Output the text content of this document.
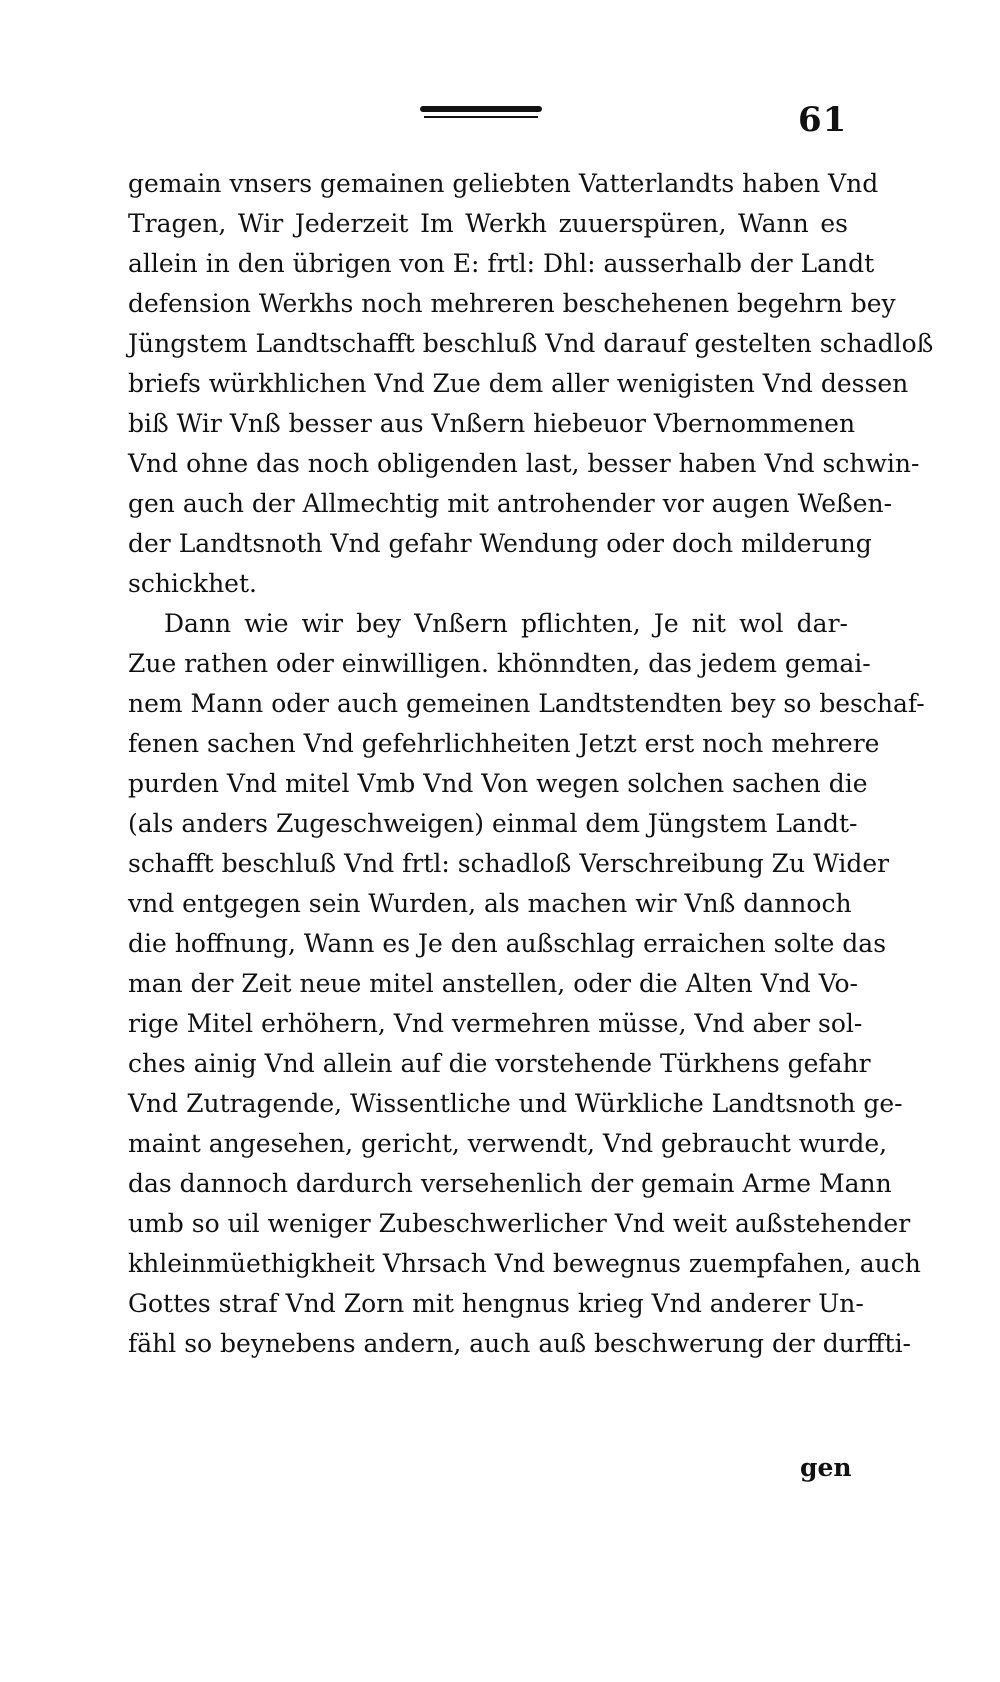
61
gemain vnsers gemainen geliebten Vatterlandts haben Vnd
Tragen, Wir Jederzeit Im Werkh zuuerspüren, Wann es
allein in den übrigen von E: frtl: Dhl: ausserhalb der Landt
defension Werkhs noch mehreren beschehenen begehrn bey
Jüngstem Landtschafft beschluß Vnd darauf gestelten schadloß
briefs würkhlichen Vnd Zue dem aller wenigisten Vnd dessen
biß Wir Vnß besser aus Vnßern hiebeuor Vbernommenen
Vnd ohne das noch obligenden last, besser haben Vnd schwin-
gen auch der Allmechtig mit antrohender vor augen Weßen-
der Landtsnoth Vnd gefahr Wendung oder doch milderung
schickhet.
Dann wie wir bey Vnßern pflichten, Je nit wol dar-
Zue rathen oder einwilligen. khönndten, das jedem gemai-
nem Mann oder auch gemeinen Landtstendten bey so beschaf-
fenen sachen Vnd gefehrlichheiten Jetzt erst noch mehrere
purden Vnd mitel Vmb Vnd Von wegen solchen sachen die
(als anders Zugeschweigen) einmal dem Jüngstem Landt-
schafft beschluß Vnd frtl: schadloß Verschreibung Zu Wider
vnd entgegen sein Wurden, als machen wir Vnß dannoch
die hoffnung, Wann es Je den außschlag erraichen solte das
man der Zeit neue mitel anstellen, oder die Alten Vnd Vo-
rige Mitel erhöhern, Vnd vermehren müsse, Vnd aber sol-
ches ainig Vnd allein auf die vorstehende Türkhens gefahr
Vnd Zutragende, Wissentliche und Würkliche Landtsnoth ge-
maint angesehen, gericht, verwendt, Vnd gebraucht wurde,
das dannoch dardurch versehenlich der gemain Arme Mann
umb so uil weniger Zubeschwerlicher Vnd weit außstehender
khleinmüethigkheit Vhrsach Vnd bewegnus zuempfahen, auch
Gottes straf Vnd Zorn mit hengnus krieg Vnd anderer Un-
fähl so beynebens andern, auch auß beschwerung der durffti-
gen
